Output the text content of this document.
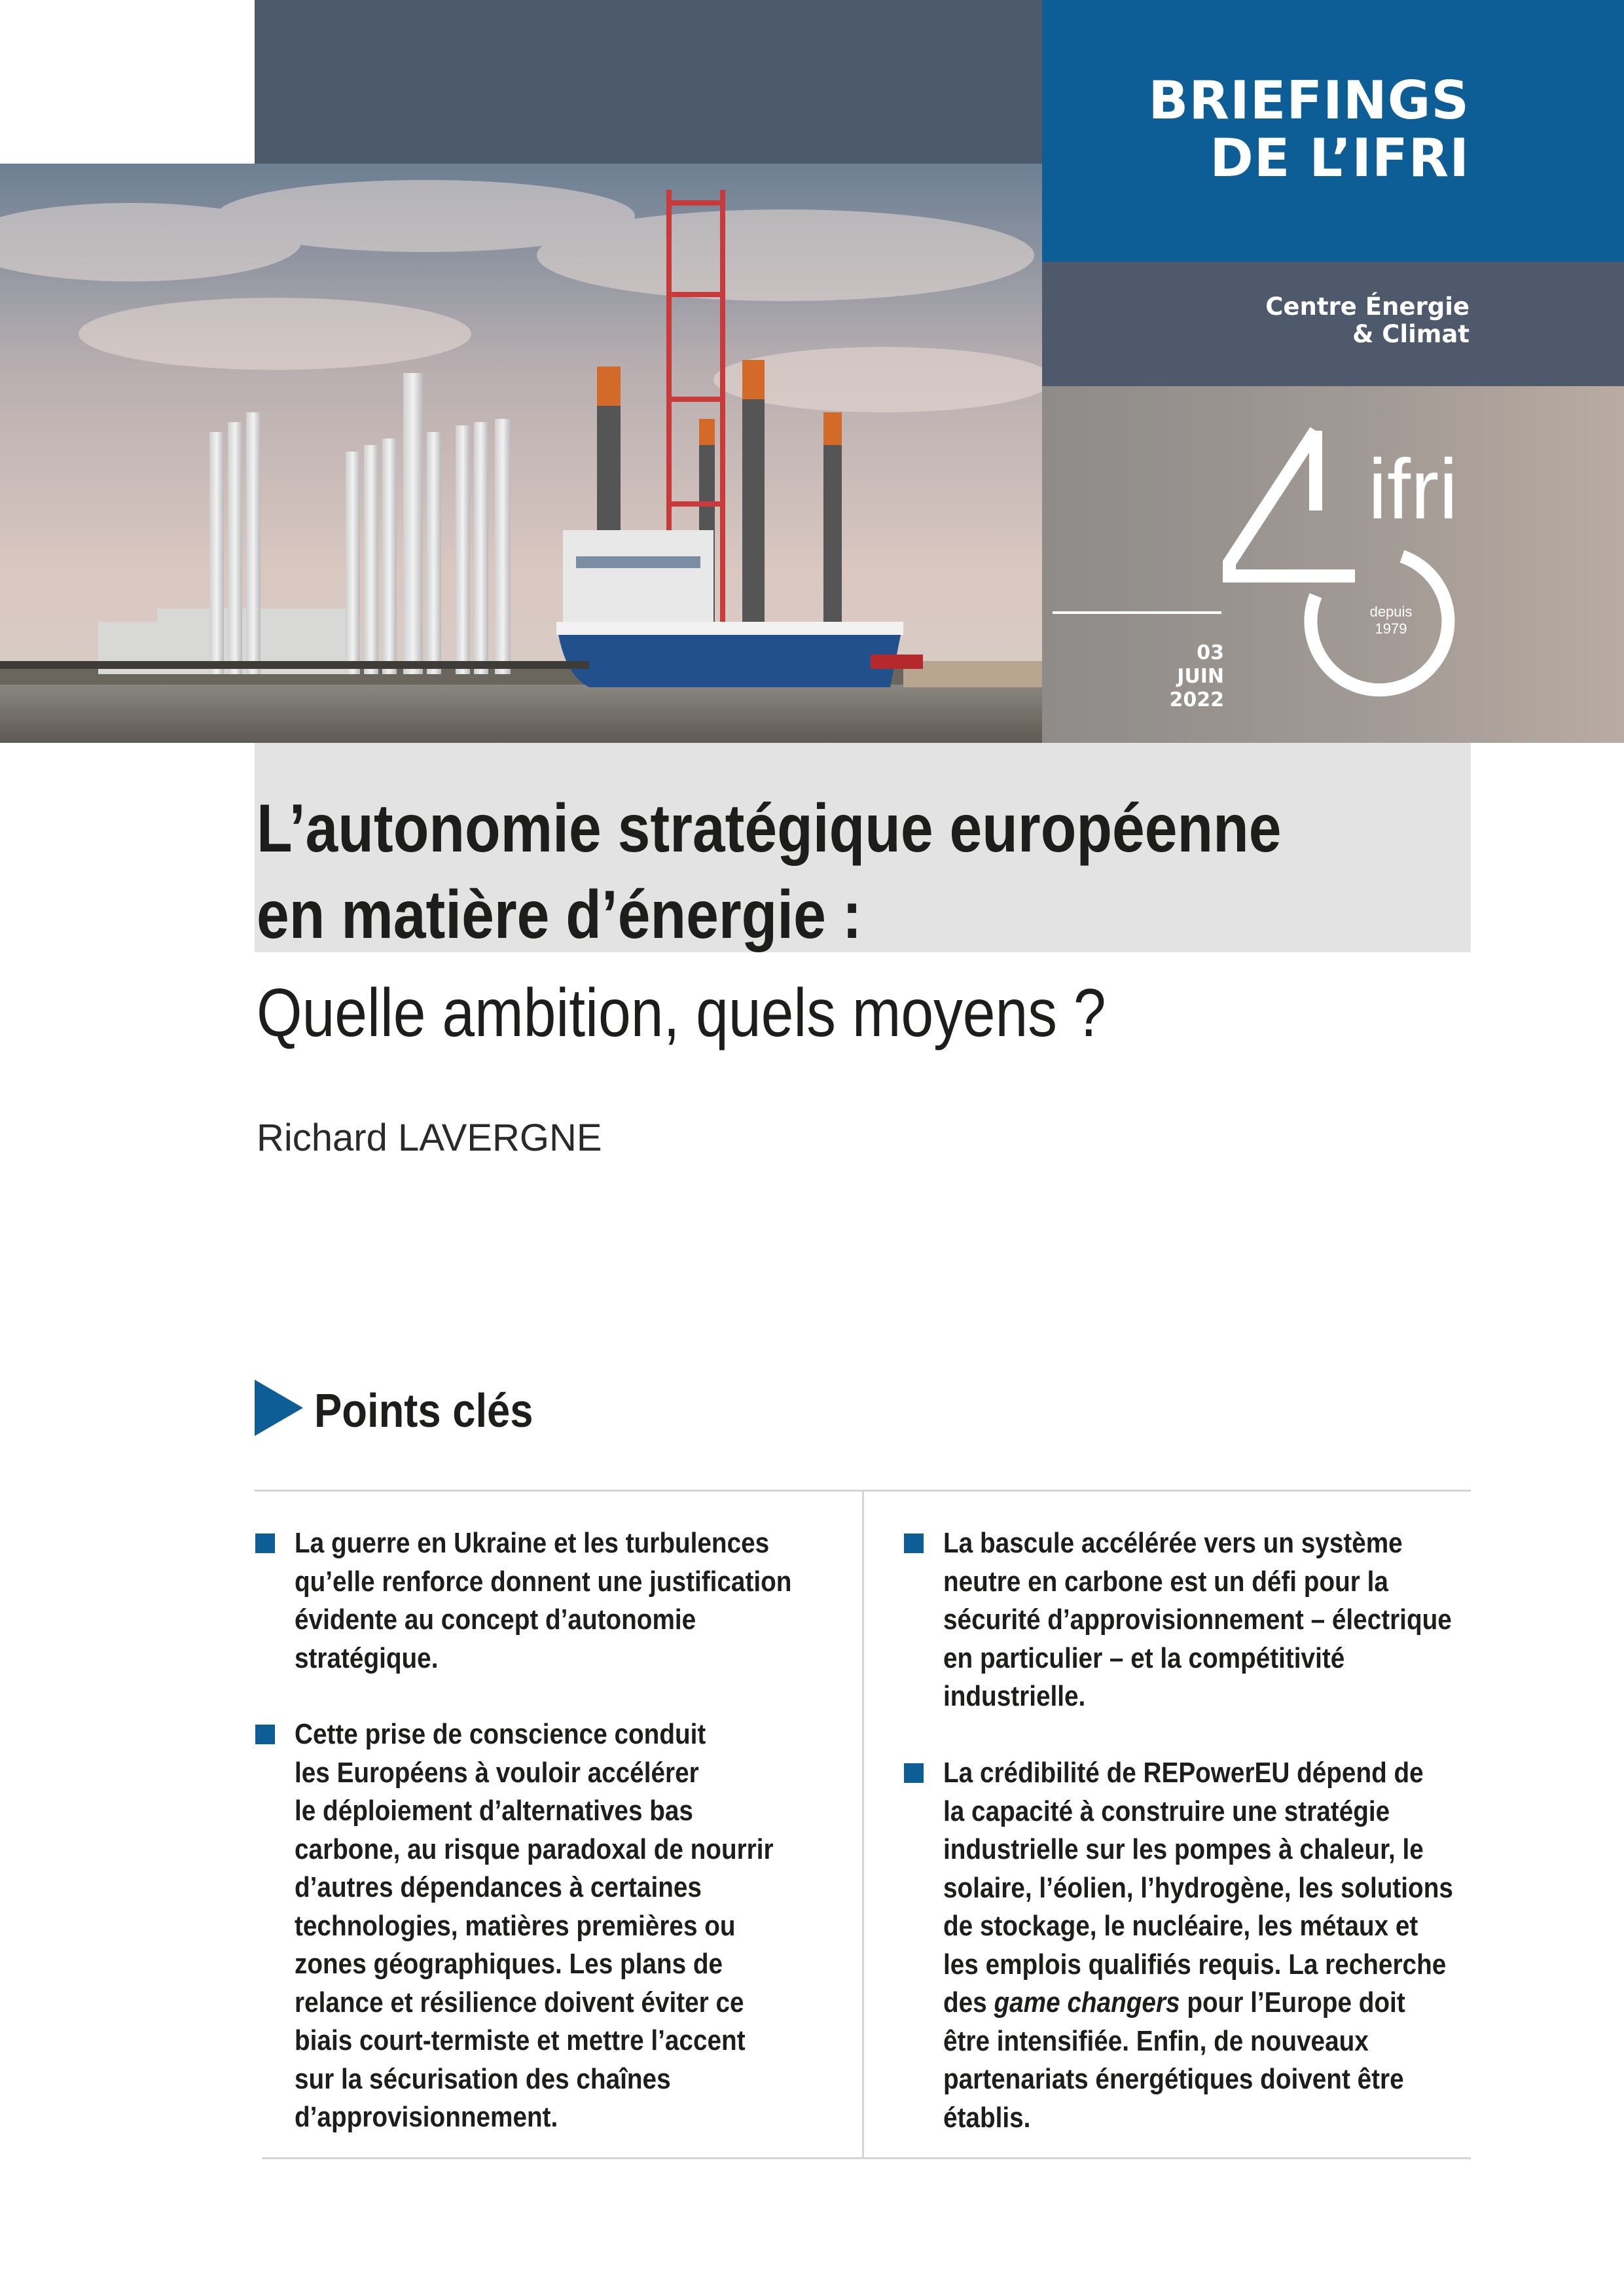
BRIEFINGS
DE L’IFRI
Centre Énergie
& Climat
03
JUIN
2022
ifri
depuis
1979
L’autonomie stratégique européenne
en matière d’énergie :
Quelle ambition, quels moyens ?
Richard LAVERGNE
Points clés
La guerre en Ukraine et les turbulences
qu’elle renforce donnent une justification
évidente au concept d’autonomie
stratégique.
Cette prise de conscience conduit
les Européens à vouloir accélérer
le déploiement d’alternatives bas
carbone, au risque paradoxal de nourrir
d’autres dépendances à certaines
technologies, matières premières ou
zones géographiques. Les plans de
relance et résilience doivent éviter ce
biais court-termiste et mettre l’accent
sur la sécurisation des chaînes
d’approvisionnement.
La bascule accélérée vers un système
neutre en carbone est un défi pour la
sécurité d’approvisionnement – électrique
en particulier – et la compétitivité
industrielle.
La crédibilité de REPowerEU dépend de
la capacité à construire une stratégie
industrielle sur les pompes à chaleur, le
solaire, l’éolien, l’hydrogène, les solutions
de stockage, le nucléaire, les métaux et
les emplois qualifiés requis. La recherche
des game changers pour l’Europe doit
être intensifiée. Enfin, de nouveaux
partenariats énergétiques doivent être
établis.
